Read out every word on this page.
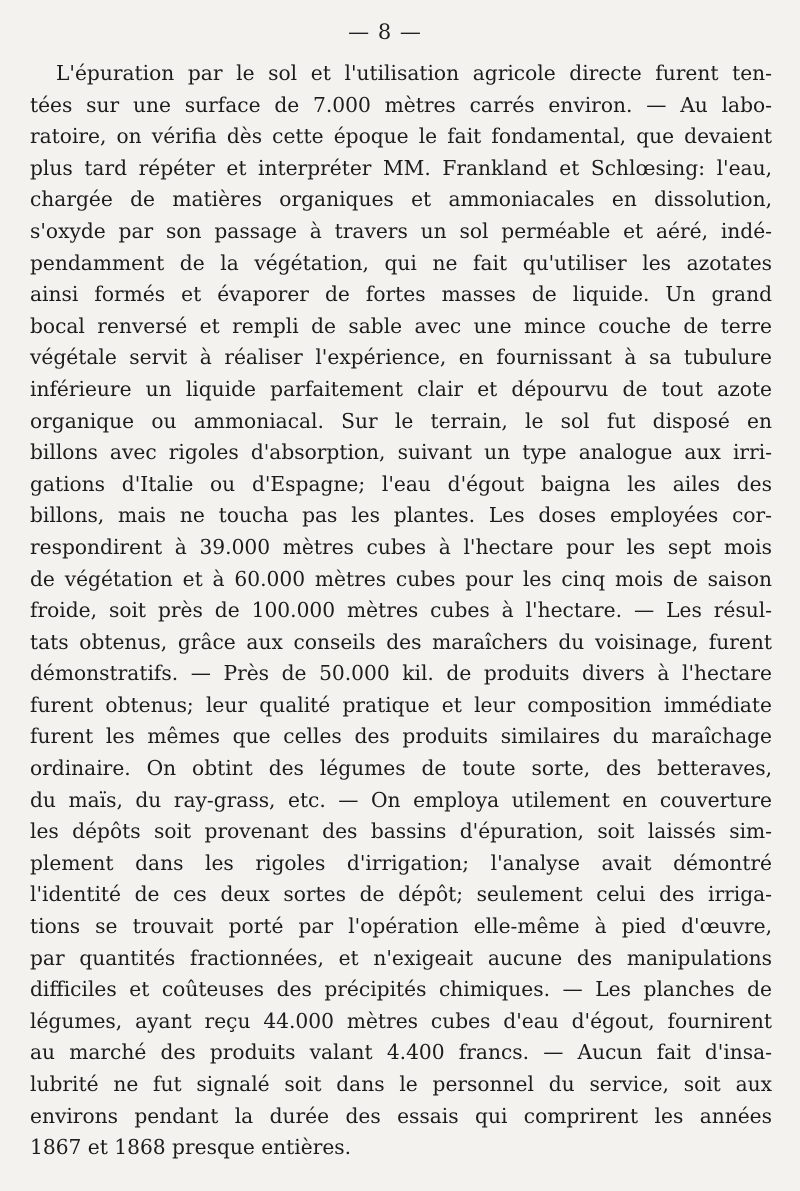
— 8 —
L'épuration par le sol et l'utilisation agricole directe furent ten-
tées sur une surface de 7.000 mètres carrés environ. — Au labo-
ratoire, on vérifia dès cette époque le fait fondamental, que devaient
plus tard répéter et interpréter MM. Frankland et Schlœsing: l'eau,
chargée de matières organiques et ammoniacales en dissolution,
s'oxyde par son passage à travers un sol perméable et aéré, indé-
pendamment de la végétation, qui ne fait qu'utiliser les azotates
ainsi formés et évaporer de fortes masses de liquide. Un grand
bocal renversé et rempli de sable avec une mince couche de terre
végétale servit à réaliser l'expérience, en fournissant à sa tubulure
inférieure un liquide parfaitement clair et dépourvu de tout azote
organique ou ammoniacal. Sur le terrain, le sol fut disposé en
billons avec rigoles d'absorption, suivant un type analogue aux irri-
gations d'Italie ou d'Espagne; l'eau d'égout baigna les ailes des
billons, mais ne toucha pas les plantes. Les doses employées cor-
respondirent à 39.000 mètres cubes à l'hectare pour les sept mois
de végétation et à 60.000 mètres cubes pour les cinq mois de saison
froide, soit près de 100.000 mètres cubes à l'hectare. — Les résul-
tats obtenus, grâce aux conseils des maraîchers du voisinage, furent
démonstratifs. — Près de 50.000 kil. de produits divers à l'hectare
furent obtenus; leur qualité pratique et leur composition immédiate
furent les mêmes que celles des produits similaires du maraîchage
ordinaire. On obtint des légumes de toute sorte, des betteraves,
du maïs, du ray-grass, etc. — On employa utilement en couverture
les dépôts soit provenant des bassins d'épuration, soit laissés sim-
plement dans les rigoles d'irrigation; l'analyse avait démontré
l'identité de ces deux sortes de dépôt; seulement celui des irriga-
tions se trouvait porté par l'opération elle-même à pied d'œuvre,
par quantités fractionnées, et n'exigeait aucune des manipulations
difficiles et coûteuses des précipités chimiques. — Les planches de
légumes, ayant reçu 44.000 mètres cubes d'eau d'égout, fournirent
au marché des produits valant 4.400 francs. — Aucun fait d'insa-
lubrité ne fut signalé soit dans le personnel du service, soit aux
environs pendant la durée des essais qui comprirent les années
1867 et 1868 presque entières.
